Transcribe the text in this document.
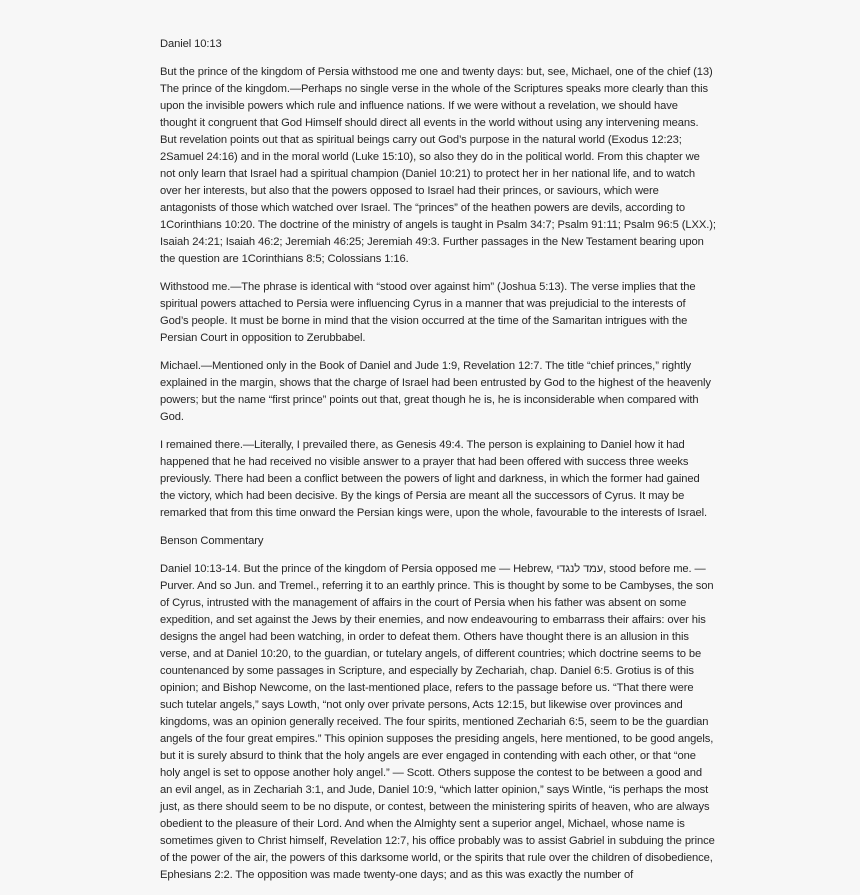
Daniel 10:13

But the prince of the kingdom of Persia withstood me one and twenty days: but, see, Michael, one of the chief (13) The prince of the kingdom.—Perhaps no single verse in the whole of the Scriptures speaks more clearly than this upon the invisible powers which rule and influence nations. If we were without a revelation, we should have thought it congruent that God Himself should direct all events in the world without using any intervening means. But revelation points out that as spiritual beings carry out God’s purpose in the natural world (Exodus 12:23; 2Samuel 24:16) and in the moral world (Luke 15:10), so also they do in the political world. From this chapter we not only learn that Israel had a spiritual champion (Daniel 10:21) to protect her in her national life, and to watch over her interests, but also that the powers opposed to Israel had their princes, or saviours, which were antagonists of those which watched over Israel. The “princes” of the heathen powers are devils, according to 1Corinthians 10:20. The doctrine of the ministry of angels is taught in Psalm 34:7; Psalm 91:11; Psalm 96:5 (LXX.); Isaiah 24:21; Isaiah 46:2; Jeremiah 46:25; Jeremiah 49:3. Further passages in the New Testament bearing upon the question are 1Corinthians 8:5; Colossians 1:16.

Withstood me.—The phrase is identical with “stood over against him” (Joshua 5:13). The verse implies that the spiritual powers attached to Persia were influencing Cyrus in a manner that was prejudicial to the interests of God’s people. It must be borne in mind that the vision occurred at the time of the Samaritan intrigues with the Persian Court in opposition to Zerubbabel.

Michael.—Mentioned only in the Book of Daniel and Jude 1:9, Revelation 12:7. The title “chief princes,” rightly explained in the margin, shows that the charge of Israel had been entrusted by God to the highest of the heavenly powers; but the name “first prince” points out that, great though he is, he is inconsiderable when compared with God.

I remained there.—Literally, I prevailed there, as Genesis 49:4. The person is explaining to Daniel how it had happened that he had received no visible answer to a prayer that had been offered with success three weeks previously. There had been a conflict between the powers of light and darkness, in which the former had gained the victory, which had been decisive. By the kings of Persia are meant all the successors of Cyrus. It may be remarked that from this time onward the Persian kings were, upon the whole, favourable to the interests of Israel.

Benson Commentary

Daniel 10:13-14. But the prince of the kingdom of Persia opposed me — Hebrew, עמד לנגדי, stood before me. — Purver. And so Jun. and Tremel., referring it to an earthly prince. This is thought by some to be Cambyses, the son of Cyrus, intrusted with the management of affairs in the court of Persia when his father was absent on some expedition, and set against the Jews by their enemies, and now endeavouring to embarrass their affairs: over his designs the angel had been watching, in order to defeat them. Others have thought there is an allusion in this verse, and at Daniel 10:20, to the guardian, or tutelary angels, of different countries; which doctrine seems to be countenanced by some passages in Scripture, and especially by Zechariah, chap. Daniel 6:5. Grotius is of this opinion; and Bishop Newcome, on the last-mentioned place, refers to the passage before us. “That there were such tutelar angels,” says Lowth, “not only over private persons, Acts 12:15, but likewise over provinces and kingdoms, was an opinion generally received. The four spirits, mentioned Zechariah 6:5, seem to be the guardian angels of the four great empires.” This opinion supposes the presiding angels, here mentioned, to be good angels, but it is surely absurd to think that the holy angels are ever engaged in contending with each other, or that “one holy angel is set to oppose another holy angel.” — Scott. Others suppose the contest to be between a good and an evil angel, as in Zechariah 3:1, and Jude, Daniel 10:9, “which latter opinion,” says Wintle, “is perhaps the most just, as there should seem to be no dispute, or contest, between the ministering spirits of heaven, who are always obedient to the pleasure of their Lord. And when the Almighty sent a superior angel, Michael, whose name is sometimes given to Christ himself, Revelation 12:7, his office probably was to assist Gabriel in subduing the prince of the power of the air, the powers of this darksome world, or the spirits that rule over the children of disobedience, Ephesians 2:2. The opposition was made twenty-one days; and as this was exactly the number of
